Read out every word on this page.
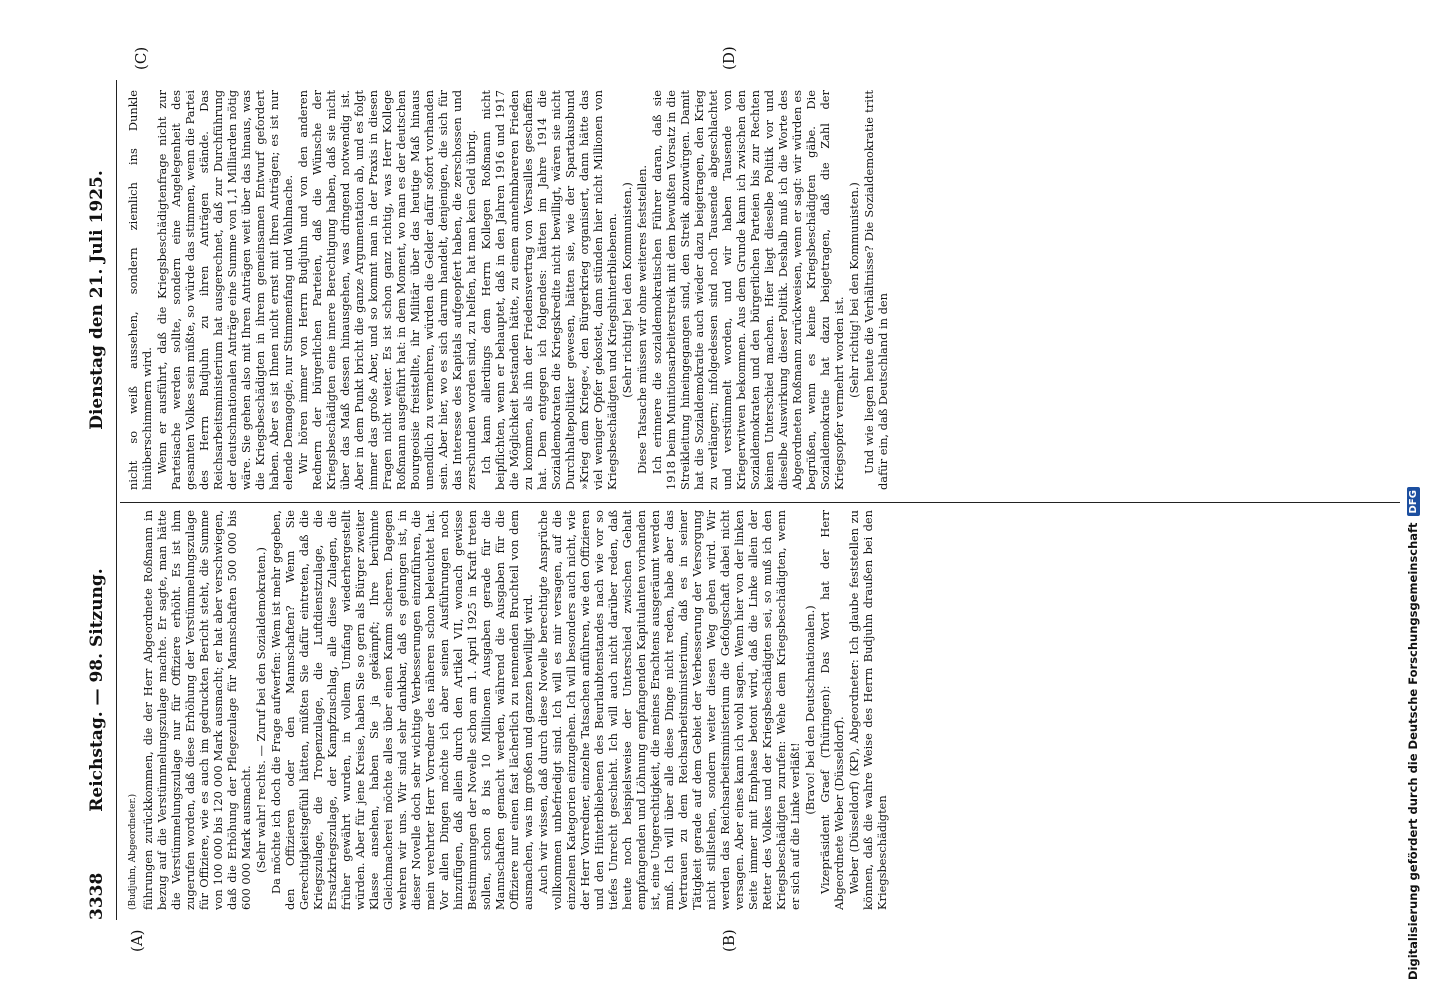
3338
Reichstag. — 98. Sitzung.
Dienstag den 21. Juli 1925.
(A)	(B)
(C)	(D)

(Budjuhn, Abgeordneter.) führungen zurückkommen, die der Herr Abgeordnete Roßmann in bezug auf die Verstümmelungszulage machte. Er sagte, man hätte die Verstümmelungszulage nur für Offiziere erhöht. Es ist ihm zugerufen worden, daß diese Erhöhung der Verstümmelungszulage für Offiziere, wie es auch im gedruckten Bericht steht, die Summe von 100 000 bis 120 000 Mark ausmacht; er hat aber verschwiegen, daß die Erhöhung der Pflegezulage für Mannschaften 500 000 bis 600 000 Mark ausmacht. (Sehr wahr! rechts. — Zuruf bei den Sozialdemokraten.) Da möchte ich doch die Frage aufwerfen: Wem ist mehr gegeben, den Offizieren oder den Mannschaften? Wenn Sie Gerechtigkeitsgefühl hätten, müßten Sie dafür eintreten, daß die Kriegszulage, die Tropenzulage, die Luftdienstzulage, die Ersatzkriegszulage, der Kampfzuschlag, alle diese Zulagen, die früher gewährt wurden, in vollem Umfang wiederhergestellt würden. Aber für jene Kreise, haben Sie so gern als Bürger zweiter Klasse ansehen, haben Sie ja gekämpft; Ihre berühmte Gleichmacherei möchte alles über einen Kamm scheren. Dagegen wehren wir uns. Wir sind sehr dankbar, daß es gelungen ist, in dieser Novelle doch sehr wichtige Verbesserungen einzuführen, die mein verehrter Herr Vorredner des näheren schon beleuchtet hat. Vor allen Dingen möchte ich aber seinen Ausführungen noch hinzufügen, daß allein durch den Artikel VII, wonach gewisse Bestimmungen der Novelle schon am 1. April 1925 in Kraft treten sollen, schon 8 bis 10 Millionen Ausgaben gerade für die Mannschaften gemacht werden, während die Ausgaben für die Offiziere nur einen fast lächerlich zu nennenden Bruchteil von dem ausmachen, was im großen und ganzen bewilligt wird. Auch wir wissen, daß durch diese Novelle berechtigte Ansprüche vollkommen unbefriedigt sind. Ich will es mir versagen, auf die einzelnen Kategorien einzugehen. Ich will besonders auch nicht, wie der Herr Vorredner, einzelne Tatsachen anführen, wie den Offizieren und den Hinterbliebenen des Beurlaubtenstandes nach wie vor so tiefes Unrecht geschieht. Ich will auch nicht darüber reden, daß heute noch beispielsweise der Unterschied zwischen Gehalt empfangenden und Löhnung empfangenden Kapitulanten vorhanden ist, eine Ungerechtigkeit, die meines Erachtens ausgeräumt werden muß. Ich will über alle diese Dinge nicht reden, habe aber das Vertrauen zu dem Reichsarbeitsministerium, daß es in seiner Tätigkeit gerade auf dem Gebiet der Verbesserung der Versorgung nicht stillstehen, sondern weiter diesen Weg gehen wird. Wir werden das Reichsarbeitsministerium die Gefolgschaft dabei nicht versagen. Aber eines kann ich wohl sagen. Wenn hier von der linken Seite immer mit Emphase betont wird, daß die Linke allein der Retter des Volkes und der Kriegsbeschädigten sei, so muß ich den Kriegsbeschädigten zurufen: Wehe dem Kriegsbeschädigten, wenn er sich auf die Linke verläßt!

(Bravo! bei den Deutschnationalen.) Vizepräsident Graef (Thüringen): Das Wort hat der Herr Abgeordnete Weber (Düsseldorf). Weber (Düsseldorf) (KP), Abgeordneter: Ich glaube feststellen zu können, daß die wahre Weise des Herrn Budjuhn draußen bei den Kriegsbeschädigten

nicht so weiß aussehen, sondern ziemlich ins Dunkle hinüberschimmern wird. Wenn er ausführt, daß die Kriegsbeschädigtenfrage nicht zur Parteisache werden sollte, sondern eine Angelegenheit des gesamten Volkes sein müßte, so würde das stimmen, wenn die Partei des Herrn Budjuhn zu ihren Anträgen stände. Das Reichsarbeitsministerium hat ausgerechnet, daß zur Durchführung der deutschnationalen Anträge eine Summe von 1,1 Milliarden nötig wäre. Sie gehen also mit Ihren Anträgen weit über das hinaus, was die Kriegsbeschädigten in ihrem gemeinsamen Entwurf gefordert haben. Aber es ist Ihnen nicht ernst mit Ihren Anträgen; es ist nur elende Demagogie, nur Stimmenfang und Wahlmache. Wir hören immer von Herrn Budjuhn und von den anderen Rednern der bürgerlichen Parteien, daß die Wünsche der Kriegsbeschädigten eine innere Berechtigung haben, daß sie nicht über das Maß dessen hinausgehen, was dringend notwendig ist. Aber in dem Punkt bricht die ganze Argumentation ab, und es folgt immer das große Aber, und so kommt man in der Praxis in diesen Fragen nicht weiter. Es ist schon ganz richtig, was Herr Kollege Roßmann ausgeführt hat: in dem Moment, wo man es der deutschen Bourgeoisie freistellte, ihr Militär über das heutige Maß hinaus unendlich zu vermehren, würden die Gelder dafür sofort vorhanden sein. Aber hier, wo es sich darum handelt, denjenigen, die sich für das Interesse des Kapitals aufgeopfert haben, die zerschossen und zerschunden worden sind, zu helfen, hat man kein Geld übrig. Ich kann allerdings dem Herrn Kollegen Roßmann nicht beipflichten, wenn er behauptet, daß in den Jahren 1916 und 1917 die Möglichkeit bestanden hätte, zu einem annehmbareren Frieden zu kommen, als ihn der Friedensvertrag von Versailles geschaffen hat. Dem entgegen ich folgendes: hätten im Jahre 1914 die Sozialdemokraten die Kriegskredite nicht bewilligt, wären sie nicht Durchhaltepolitiker gewesen, hätten sie, wie der Spartakusbund »Krieg dem Kriege«, den Bürgerkrieg organisiert, dann hätte das viel weniger Opfer gekostet, dann stünden hier nicht Millionen von Kriegsbeschädigten und Kriegshinterbliebenen. (Sehr richtig! bei den Kommunisten.) Diese Tatsache müssen wir ohne weiteres feststellen. Ich erinnere die sozialdemokratischen Führer daran, daß sie 1918 beim Munitionsarbeiterstreik mit dem bewußten Vorsatz in die Streikleitung hineingegangen sind, den Streik abzuwürgen. Damit hat die Sozialdemokratie auch wieder dazu beigetragen, den Krieg zu verlängern; infolgedessen sind noch Tausende abgeschlachtet und verstümmelt worden, und wir haben Tausende von Kriegerwitwen bekommen. Aus dem Grunde kann ich zwischen den Sozialdemokraten und den bürgerlichen Parteien bis zur Rechten keinen Unterschied machen. Hier liegt dieselbe Politik vor und dieselbe Auswirkung dieser Politik. Deshalb muß ich die Worte des Abgeordneten Roßmann zurückweisen, wenn er sagt: wir würden es begrüßen, wenn es keine Kriegsbeschädigten gäbe. Die Sozialdemokratie hat dazu beigetragen, daß die Zahl der Kriegsopfer vermehrt worden ist. (Sehr richtig! bei den Kommunisten.) Und wie liegen heute die Verhältnisse? Die Sozialdemokratie tritt dafür ein, daß Deutschland in den

Digitalisierung gefördert durch die Deutsche Forschungsgemeinschaft
DFG
